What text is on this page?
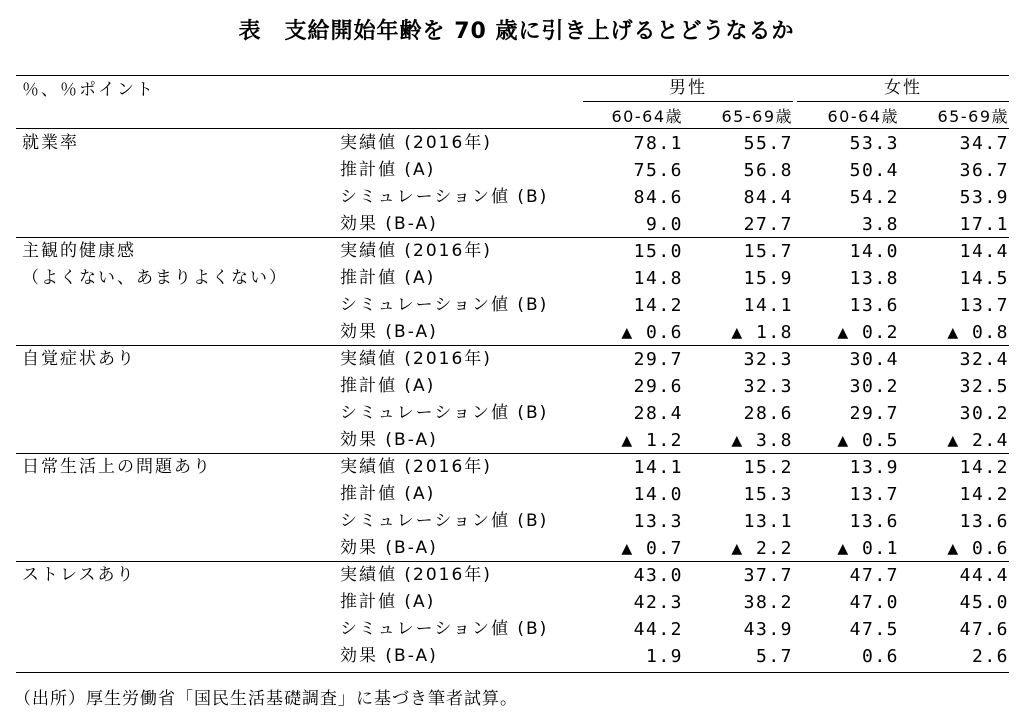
表　支給開始年齢を 70 歳に引き上げるとどうなるか
％、％ポイント	男性	女性
60-64歳	65-69歳	60-64歳	65-69歳
就業率	実績値 (2016年)	78.1	55.7	53.3	34.7
推計値 (A)	75.6	56.8	50.4	36.7
シミュレーション値 (B)	84.6	84.4	54.2	53.9
効果 (B-A)	9.0	27.7	3.8	17.1
主観的健康感
（よくない、あまりよくない）
実績値 (2016年)	15.0	15.7	14.0	14.4
推計値 (A)	14.8	15.9	13.8	14.5
シミュレーション値 (B)	14.2	14.1	13.6	13.7
効果 (B-A)	▲ 0.6	▲ 1.8	▲ 0.2	▲ 0.8
自覚症状あり	実績値 (2016年)	29.7	32.3	30.4	32.4
推計値 (A)	29.6	32.3	30.2	32.5
シミュレーション値 (B)	28.4	28.6	29.7	30.2
効果 (B-A)	▲ 1.2	▲ 3.8	▲ 0.5	▲ 2.4
日常生活上の問題あり	実績値 (2016年)	14.1	15.2	13.9	14.2
推計値 (A)	14.0	15.3	13.7	14.2
シミュレーション値 (B)	13.3	13.1	13.6	13.6
効果 (B-A)	▲ 0.7	▲ 2.2	▲ 0.1	▲ 0.6
ストレスあり	実績値 (2016年)	43.0	37.7	47.7	44.4
推計値 (A)	42.3	38.2	47.0	45.0
シミュレーション値 (B)	44.2	43.9	47.5	47.6
効果 (B-A)	1.9	5.7	0.6	2.6
（出所）厚生労働省「国民生活基礎調査」に基づき筆者試算。
